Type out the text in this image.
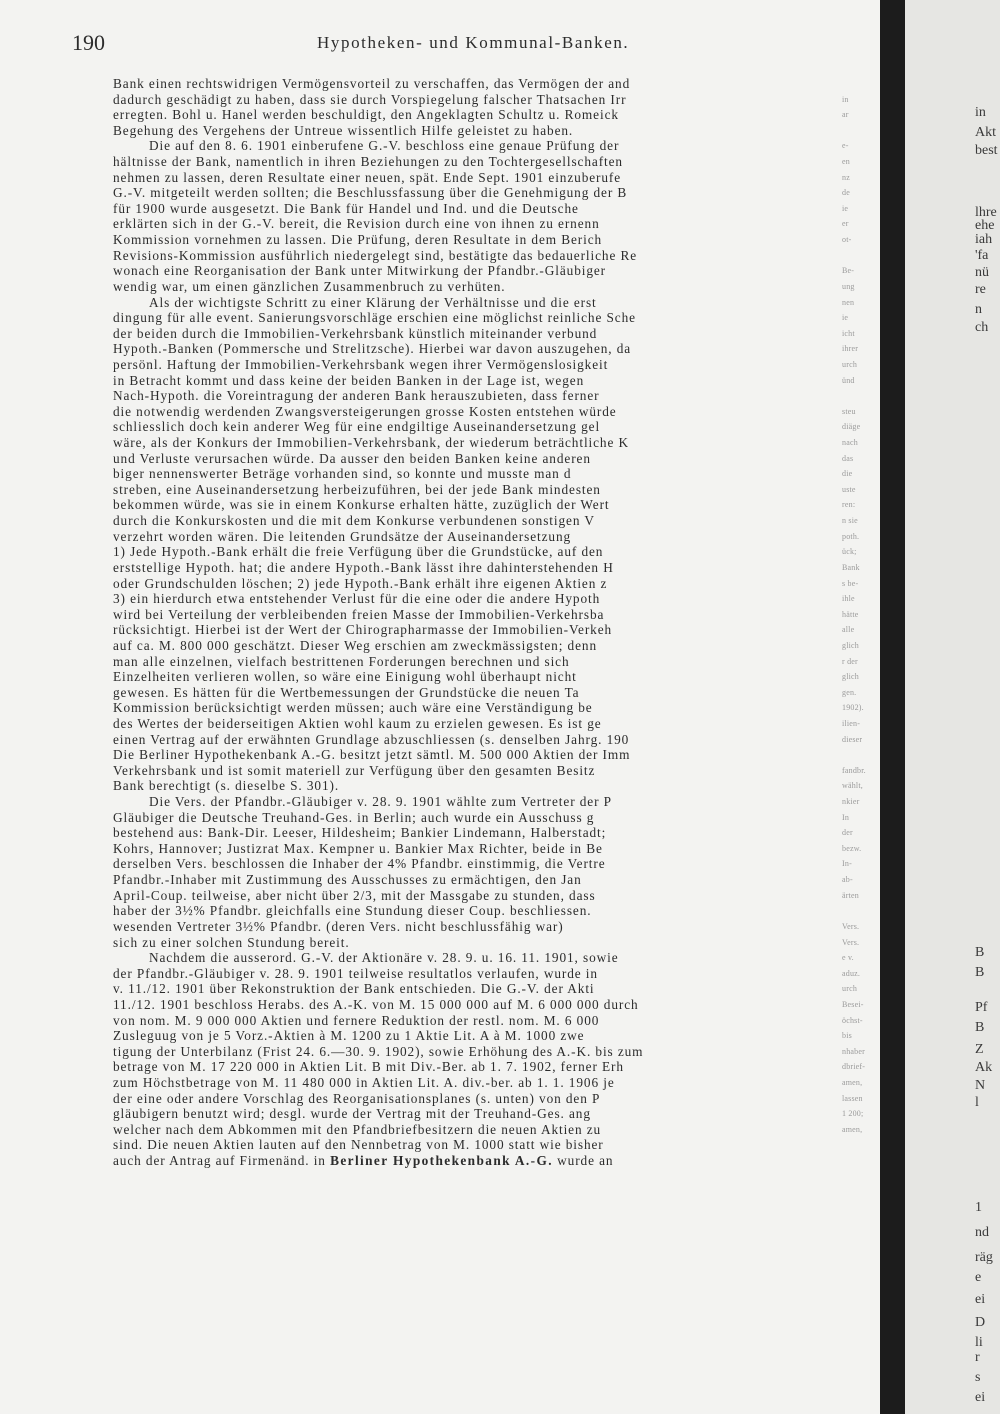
190	Hypotheken- und Kommunal-Banken.
Bank einen rechtswidrigen Vermögensvorteil zu verschaffen, das Vermögen der and
dadurch geschädigt zu haben, dass sie durch Vorspiegelung falscher Thatsachen Irr
erregten. Bohl u. Hanel werden beschuldigt, den Angeklagten Schultz u. Romeick
Begehung des Vergehens der Untreue wissentlich Hilfe geleistet zu haben.
Die auf den 8. 6. 1901 einberufene G.-V. beschloss eine genaue Prüfung der
hältnisse der Bank, namentlich in ihren Beziehungen zu den Tochtergesellschaften
nehmen zu lassen, deren Resultate einer neuen, spät. Ende Sept. 1901 einzuberufe
G.-V. mitgeteilt werden sollten; die Beschlussfassung über die Genehmigung der B
für 1900 wurde ausgesetzt. Die Bank für Handel und Ind. und die Deutsche
erklärten sich in der G.-V. bereit, die Revision durch eine von ihnen zu ernenn
Kommission vornehmen zu lassen. Die Prüfung, deren Resultate in dem Berich
Revisions-Kommission ausführlich niedergelegt sind, bestätigte das bedauerliche Re
wonach eine Reorganisation der Bank unter Mitwirkung der Pfandbr.-Gläubiger
wendig war, um einen gänzlichen Zusammenbruch zu verhüten.
Als der wichtigste Schritt zu einer Klärung der Verhältnisse und die erst
dingung für alle event. Sanierungsvorschläge erschien eine möglichst reinliche Sche
der beiden durch die Immobilien-Verkehrsbank künstlich miteinander verbund
Hypoth.-Banken (Pommersche und Strelitzsche). Hierbei war davon auszugehen, da
persönl. Haftung der Immobilien-Verkehrsbank wegen ihrer Vermögenslosigkeit
in Betracht kommt und dass keine der beiden Banken in der Lage ist, wegen
Nach-Hypoth. die Voreintragung der anderen Bank herauszubieten, dass ferner
die notwendig werdenden Zwangsversteigerungen grosse Kosten entstehen würde
schliesslich doch kein anderer Weg für eine endgiltige Auseinandersetzung gel
wäre, als der Konkurs der Immobilien-Verkehrsbank, der wiederum beträchtliche K
und Verluste verursachen würde. Da ausser den beiden Banken keine anderen
biger nennenswerter Beträge vorhanden sind, so konnte und musste man d
streben, eine Auseinandersetzung herbeizuführen, bei der jede Bank mindesten
bekommen würde, was sie in einem Konkurse erhalten hätte, zuzüglich der Wert
durch die Konkurskosten und die mit dem Konkurse verbundenen sonstigen V
verzehrt worden wären. Die leitenden Grundsätze der Auseinandersetzung
1) Jede Hypoth.-Bank erhält die freie Verfügung über die Grundstücke, auf den
erststellige Hypoth. hat; die andere Hypoth.-Bank lässt ihre dahinterstehenden H
oder Grundschulden löschen; 2) jede Hypoth.-Bank erhält ihre eigenen Aktien z
3) ein hierdurch etwa entstehender Verlust für die eine oder die andere Hypoth
wird bei Verteilung der verbleibenden freien Masse der Immobilien-Verkehrsba
rücksichtigt. Hierbei ist der Wert der Chirographarmasse der Immobilien-Verkeh
auf ca. M. 800 000 geschätzt. Dieser Weg erschien am zweckmässigsten; denn
man alle einzelnen, vielfach bestrittenen Forderungen berechnen und sich
Einzelheiten verlieren wollen, so wäre eine Einigung wohl überhaupt nicht
gewesen. Es hätten für die Wertbemessungen der Grundstücke die neuen Ta
Kommission berücksichtigt werden müssen; auch wäre eine Verständigung be
des Wertes der beiderseitigen Aktien wohl kaum zu erzielen gewesen. Es ist ge
einen Vertrag auf der erwähnten Grundlage abzuschliessen (s. denselben Jahrg. 190
Die Berliner Hypothekenbank A.-G. besitzt jetzt sämtl. M. 500 000 Aktien der Imm
Verkehrsbank und ist somit materiell zur Verfügung über den gesamten Besitz
Bank berechtigt (s. dieselbe S. 301).
Die Vers. der Pfandbr.-Gläubiger v. 28. 9. 1901 wählte zum Vertreter der P
Gläubiger die Deutsche Treuhand-Ges. in Berlin; auch wurde ein Ausschuss g
bestehend aus: Bank-Dir. Leeser, Hildesheim; Bankier Lindemann, Halberstadt;
Kohrs, Hannover; Justizrat Max. Kempner u. Bankier Max Richter, beide in Be
derselben Vers. beschlossen die Inhaber der 4% Pfandbr. einstimmig, die Vertre
Pfandbr.-Inhaber mit Zustimmung des Ausschusses zu ermächtigen, den Jan
April-Coup. teilweise, aber nicht über 2/3, mit der Massgabe zu stunden, dass
haber der 3½% Pfandbr. gleichfalls eine Stundung dieser Coup. beschliessen.
wesenden Vertreter 3½% Pfandbr. (deren Vers. nicht beschlussfähig war)
sich zu einer solchen Stundung bereit.
Nachdem die ausserord. G.-V. der Aktionäre v. 28. 9. u. 16. 11. 1901, sowie
der Pfandbr.-Gläubiger v. 28. 9. 1901 teilweise resultatlos verlaufen, wurde in
v. 11./12. 1901 über Rekonstruktion der Bank entschieden. Die G.-V. der Akti
11./12. 1901 beschloss Herabs. des A.-K. von M. 15 000 000 auf M. 6 000 000 durch
von nom. M. 9 000 000 Aktien und fernere Reduktion der restl. nom. M. 6 000
Zusleguug von je 5 Vorz.-Aktien à M. 1200 zu 1 Aktie Lit. A à M. 1000 zwe
tigung der Unterbilanz (Frist 24. 6.—30. 9. 1902), sowie Erhöhung des A.-K. bis zum
betrage von M. 17 220 000 in Aktien Lit. B mit Div.-Ber. ab 1. 7. 1902, ferner Erh
zum Höchstbetrage von M. 11 480 000 in Aktien Lit. A. div.-ber. ab 1. 1. 1906 je
der eine oder andere Vorschlag des Reorganisationsplanes (s. unten) von den P
gläubigern benutzt wird; desgl. wurde der Vertrag mit der Treuhand-Ges. ang
welcher nach dem Abkommen mit den Pfandbriefbesitzern die neuen Aktien zu
sind. Die neuen Aktien lauten auf den Nennbetrag von M. 1000 statt wie bisher
auch der Antrag auf Firmenänd. in Berliner Hypothekenbank A.-G. wurde an
in
ar
e-
en
nz
de
ie
er
ot-
Be-
ung
nen
ie
icht
ihrer
urch
ünd
steu
diäge
nach
das
die
uste
ren:
n sie
poth.
ück;
Bank
s be-
ihle
hätte
alle
glich
r der
glich
gen.
1902).
ilien-
dieser
fandbr.
wählt,
nkier
In
der
bezw.
In-
ab-
ärten
Vers.
Vers.
e v.
aduz.
urch
Besei-
öchst-
bis
nhaber
dbrief-
amen,
lassen
1 200;
amen,
in
Akt
best
lhre
ehe
iah
'fa
nü
re
n
ch
B
B
Pf
B
Z
Ak
N
l
1
nd
räg
e
ei
D
li
r
s
ei
